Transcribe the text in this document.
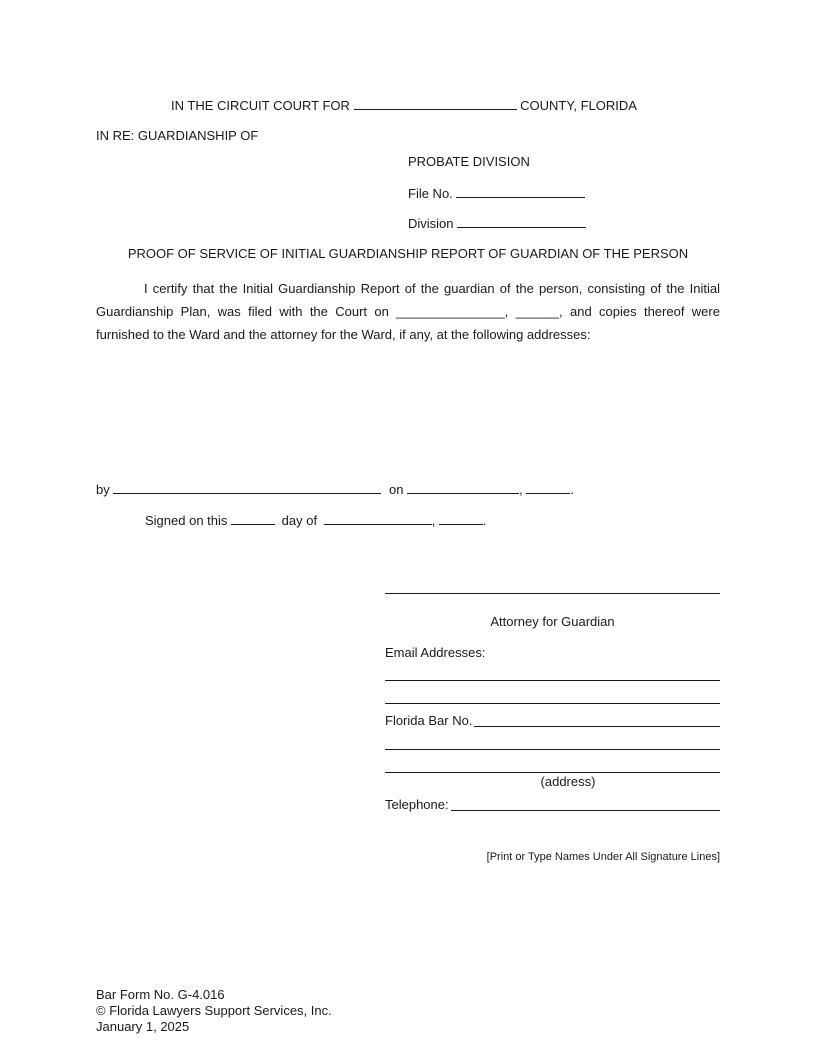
IN THE CIRCUIT COURT FOR	COUNTY, FLORIDA
IN RE: GUARDIANSHIP OF
PROBATE DIVISION
File No.
Division
PROOF OF SERVICE OF INITIAL GUARDIANSHIP REPORT OF GUARDIAN OF THE PERSON
I certify that the Initial Guardianship Report of the guardian of the person, consisting of the Initial Guardianship Plan, was filed with the Court on _______________, ______, and copies thereof were furnished to the Ward and the attorney for the Ward, if any, at the following addresses:
by	on	,	.
Signed on this	day of	,	.
Attorney for Guardian
Email Addresses:
Florida Bar No.
(address)
Telephone:
[Print or Type Names Under All Signature Lines]
Bar Form No. G-4.016
© Florida Lawyers Support Services, Inc.
January 1, 2025
